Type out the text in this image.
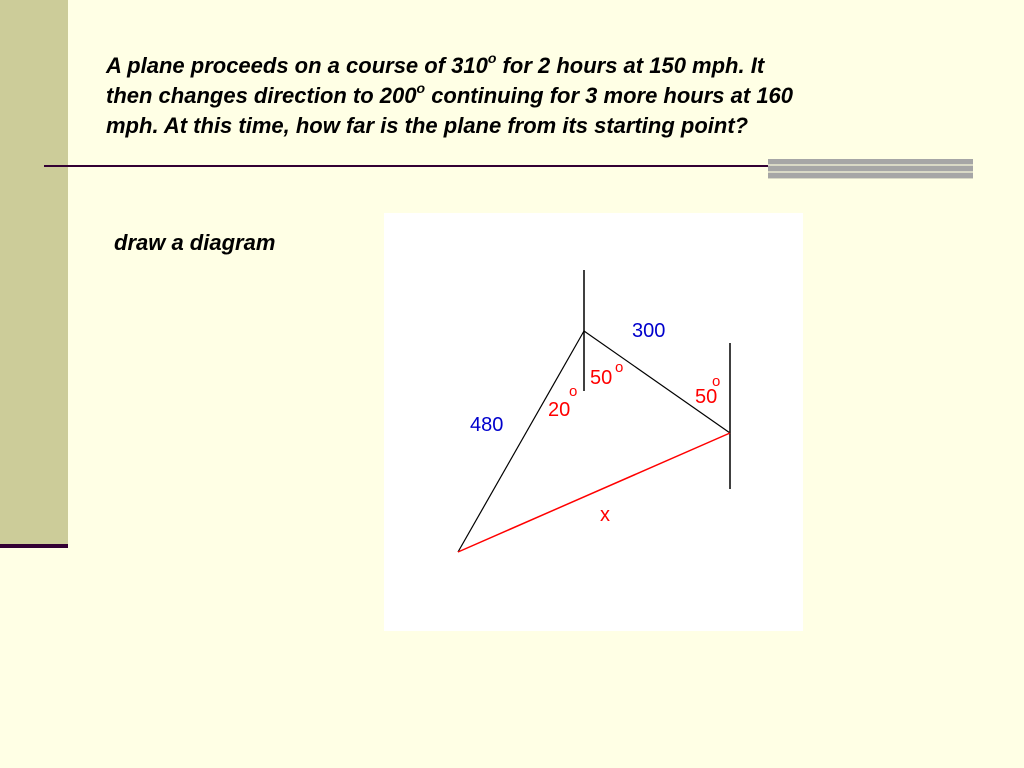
A plane proceeds on a course of 310$^o$ for 2 hours at 150 mph. It
then changes direction to 200$^o$ continuing for 3 more hours at 160
mph. At this time, how far is the plane from its starting point?

draw a diagram
300
480
x
50 o
20
o	50
o
